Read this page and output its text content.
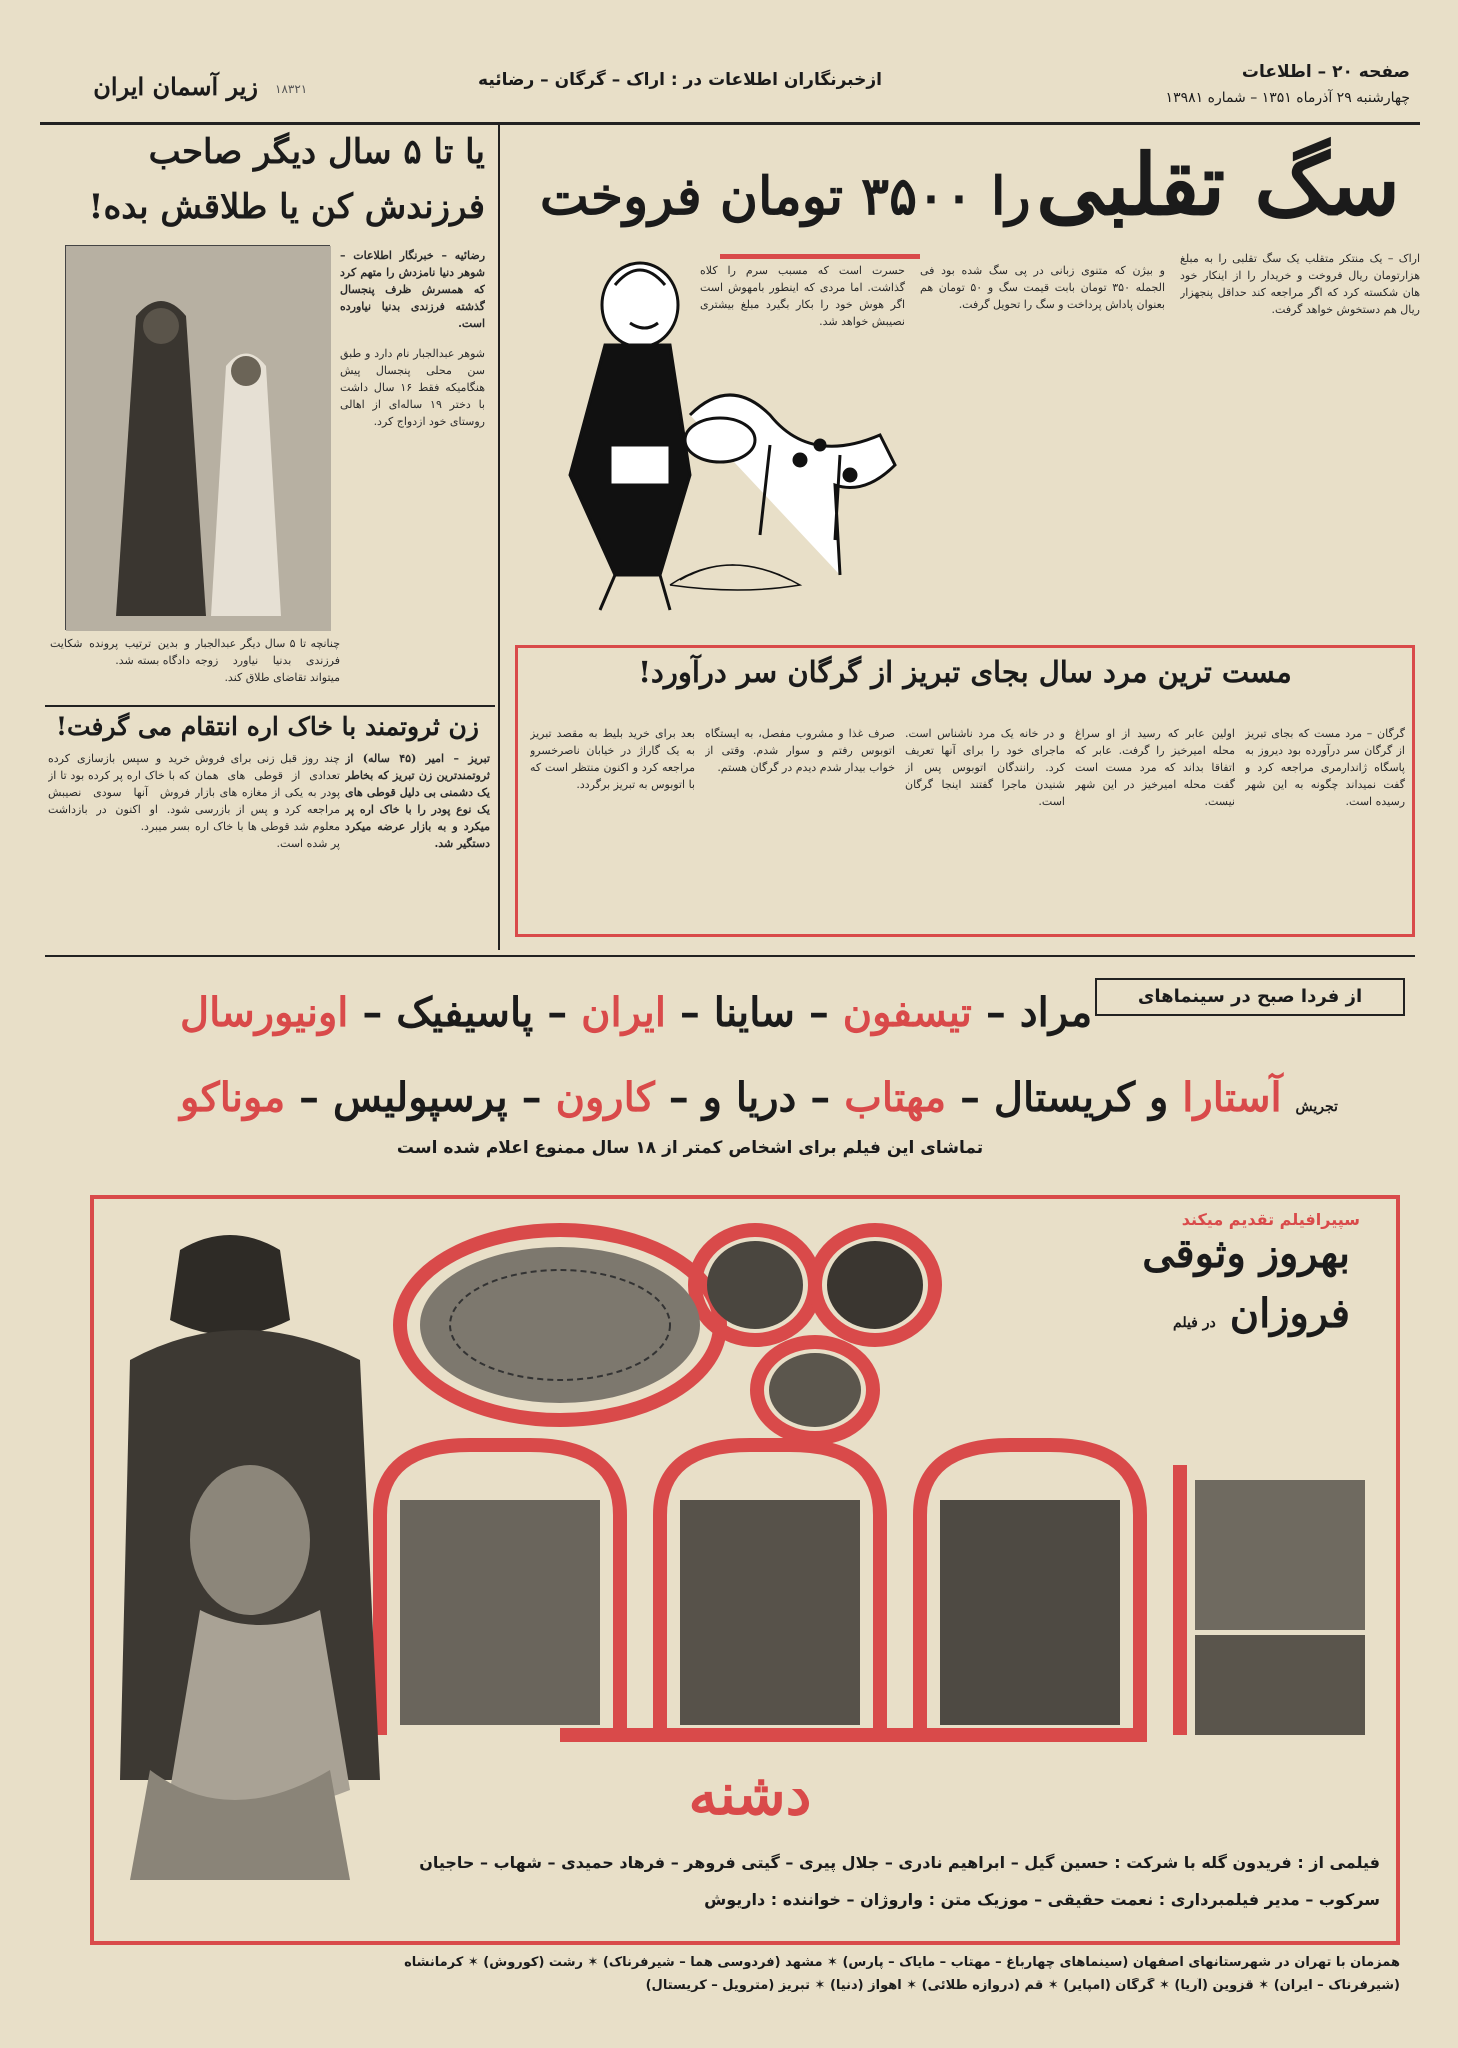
زیر آسمان ایران ۱۸۳۲۱	ازخبرنگاران اطلاعات در : اراک – گرگان – رضائیه	صفحه ۲۰ – اطلاعات
چهارشنبه ۲۹ آذرماه ۱۳۵۱ – شماره ۱۳۹۸۱
سگ تقلبی را ۳۵۰۰ تومان فروخت
اراک – یک منتکر متقلب یک سگ تقلبی را به مبلغ هزارتومان ریال فروخت و خریدار را از اینکار خود هان شکسته کرد که اگر مراجعه کند حداقل پنجهزار ریال هم دستخوش خواهد گرفت.
و بیژن که متنوی زبانی در پی سگ شده بود فی الجمله ۳۵۰ تومان بابت قیمت سگ و ۵۰ تومان هم بعنوان پاداش پرداخت و سگ را تحویل گرفت.
حسرت است که مسبب سرم را کلاه گذاشت. اما مردی که اینطور بامهوش است اگر هوش خود را بکار بگیرد مبلغ بیشتری نصیبش خواهد شد.
یا تا ۵ سال دیگر صاحب فرزندش کن یا طلاقش بده!
رضائیه – خبرنگار اطلاعات – شوهر دنیا نامزدش را متهم کرد که همسرش ظرف پنجسال گذشته فرزندی بدنیا نیاورده است.
شوهر عبدالجبار نام دارد و طبق سن محلی پنجسال پیش هنگامیکه فقط ۱۶ سال داشت با دختر ۱۹ ساله‌ای از اهالی روستای خود ازدواج کرد.
چنانچه تا ۵ سال دیگر عبدالجبار فرزندی بدنیا نیاورد زوجه میتواند تقاضای طلاق کند.
و بدین ترتیب پرونده شکایت دادگاه بسته شد.
زن ثروتمند با خاک اره انتقام می گرفت!
تبریز – امیر (۴۵ ساله) از ثروتمندترین زن تبریز که بخاطر یک دشمنی بی دلیل قوطی های یک نوع پودر را با خاک اره پر میکرد و به بازار عرضه میکرد دستگیر شد.
چند روز قبل زنی برای فروش تعدادی از قوطی های همان پودر به یکی از مغازه های بازار مراجعه کرد و پس از بازرسی معلوم شد قوطی ها با خاک اره پر شده است.
خرید و سپس بازسازی کرده که با خاک اره پر کرده بود تا از فروش آنها سودی نصیبش شود. او اکنون در بازداشت بسر میبرد.
مست ترین مرد سال بجای تبریز از گرگان سر درآورد!
گرگان – مرد مست که بجای تبریز از گرگان سر درآورده بود دیروز به پاسگاه ژاندارمری مراجعه کرد و گفت نمیداند چگونه به این شهر رسیده است.
اولین عابر که رسید از او سراغ محله امیرخیز را گرفت. عابر که اتفاقا بداند که مرد مست است گفت محله امیرخیز در این شهر نیست.
و در خانه یک مرد ناشناس است. ماجرای خود را برای آنها تعریف کرد. رانندگان اتوبوس پس از شنیدن ماجرا گفتند اینجا گرگان است.
صرف غذا و مشروب مفصل، به ایستگاه اتوبوس رفتم و سوار شدم. وقتی از خواب بیدار شدم دیدم در گرگان هستم.
بعد برای خرید بلیط به مقصد تبریز به یک گاراژ در خیابان ناصرخسرو مراجعه کرد و اکنون منتظر است که با اتوبوس به تبریز برگردد.
از فردا صبح در سینماهای
مراد – تیسفون – ساینا – ایران – پاسیفیک – اونیورسال
تجریش آستارا و کریستال – مهتاب – دریا و – کارون – پرسپولیس – موناکو
تماشای این فیلم برای اشخاص کمتر از ۱۸ سال ممنوع اعلام شده است
سپیرافیلم تقدیم میکند
بهروز وثوقی
فروزان در فیلم
دشنه
فیلمی از : فریدون گله با شرکت : حسین گیل – ابراهیم نادری – جلال پیری – گیتی فروهر – فرهاد حمیدی – شهاب – حاجیان
سرکوب – مدیر فیلمبرداری : نعمت حقیقی – موزیک متن : واروژان – خواننده : داریوش
همزمان با تهران در شهرستانهای اصفهان (سینماهای چهارباغ – مهتاب – مایاک – پارس) ✶ مشهد (فردوسی هما – شیرفرناک) ✶ رشت (کوروش) ✶ کرمانشاه
(شیرفرناک – ایران) ✶ قزوین (آریا) ✶ گرگان (امپایر) ✶ قم (دروازه طلائی) ✶ اهواز (دنیا) ✶ تبریز (مترویل – کریستال)
